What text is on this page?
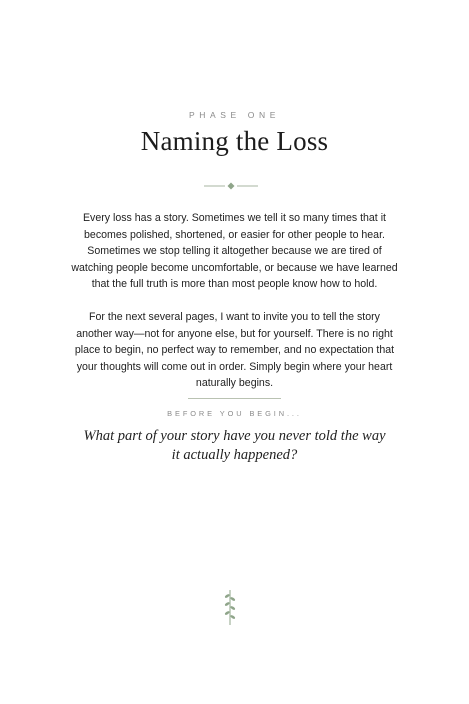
PHASE ONE
Naming the Loss
Every loss has a story. Sometimes we tell it so many times that it becomes polished, shortened, or easier for other people to hear. Sometimes we stop telling it altogether because we are tired of watching people become uncomfortable, or because we have learned that the full truth is more than most people know how to hold.
For the next several pages, I want to invite you to tell the story another way—not for anyone else, but for yourself. There is no right place to begin, no perfect way to remember, and no expectation that your thoughts will come out in order. Simply begin where your heart naturally begins.
BEFORE YOU BEGIN...
What part of your story have you never told the way it actually happened?
